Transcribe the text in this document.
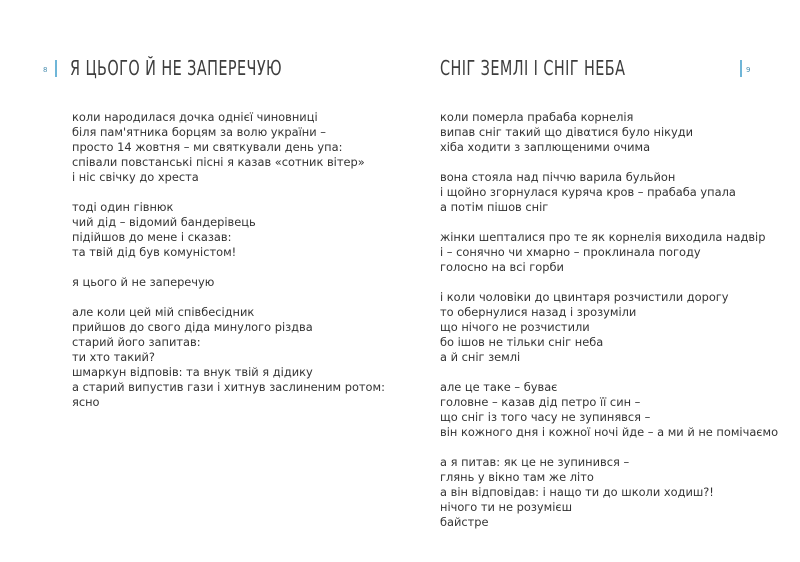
8 Я ЦЬОГО Й НЕ ЗАПЕРЕЧУЮ
коли народилася дочка однієї чиновниці
біля пам'ятника борцям за волю україни –
просто 14 жовтня – ми святкували день упа:
співали повстанські пісні я казав «сотник вітер»
і ніс свічку до хреста
тоді один гівнюк
чий дід – відомий бандерівець
підійшов до мене і сказав:
та твій дід був комуністом!
я цього й не заперечую
але коли цей мій співбесідник
прийшов до свого діда минулого різдва
старий його запитав:
ти хто такий?
шмаркун відповів: та внук твій я дідику
а старий випустив гази і хитнув заслиненим ротом:
ясно
СНІГ ЗЕМЛІ І СНІГ НЕБА	9
коли померла прабаба корнелія
випав сніг такий що дівατися було нікуди
хіба ходити з заплющеними очима
вона стояла над піччю варила бульйон
і щойно згорнулася куряча кров – прабаба упала
а потім пішов сніг
жінки шепталися про те як корнелія виходила надвір
і – сонячно чи хмарно – проклинала погоду
голосно на всі горби
і коли чоловіки до цвинтаря розчистили дорогу
то обернулися назад і зрозуміли
що нічого не розчистили
бо ішов не тільки сніг неба
а й сніг землі
але це таке – буває
головне – казав дід петро її син –
що сніг із того часу не зупинявся –
він кожного дня і кожної ночі йде – а ми й не помічаємо
а я питав: як це не зупинився –
глянь у вікно там же літо
а він відповідав: і нащо ти до школи ходиш?!
нічого ти не розумієш
байстре
